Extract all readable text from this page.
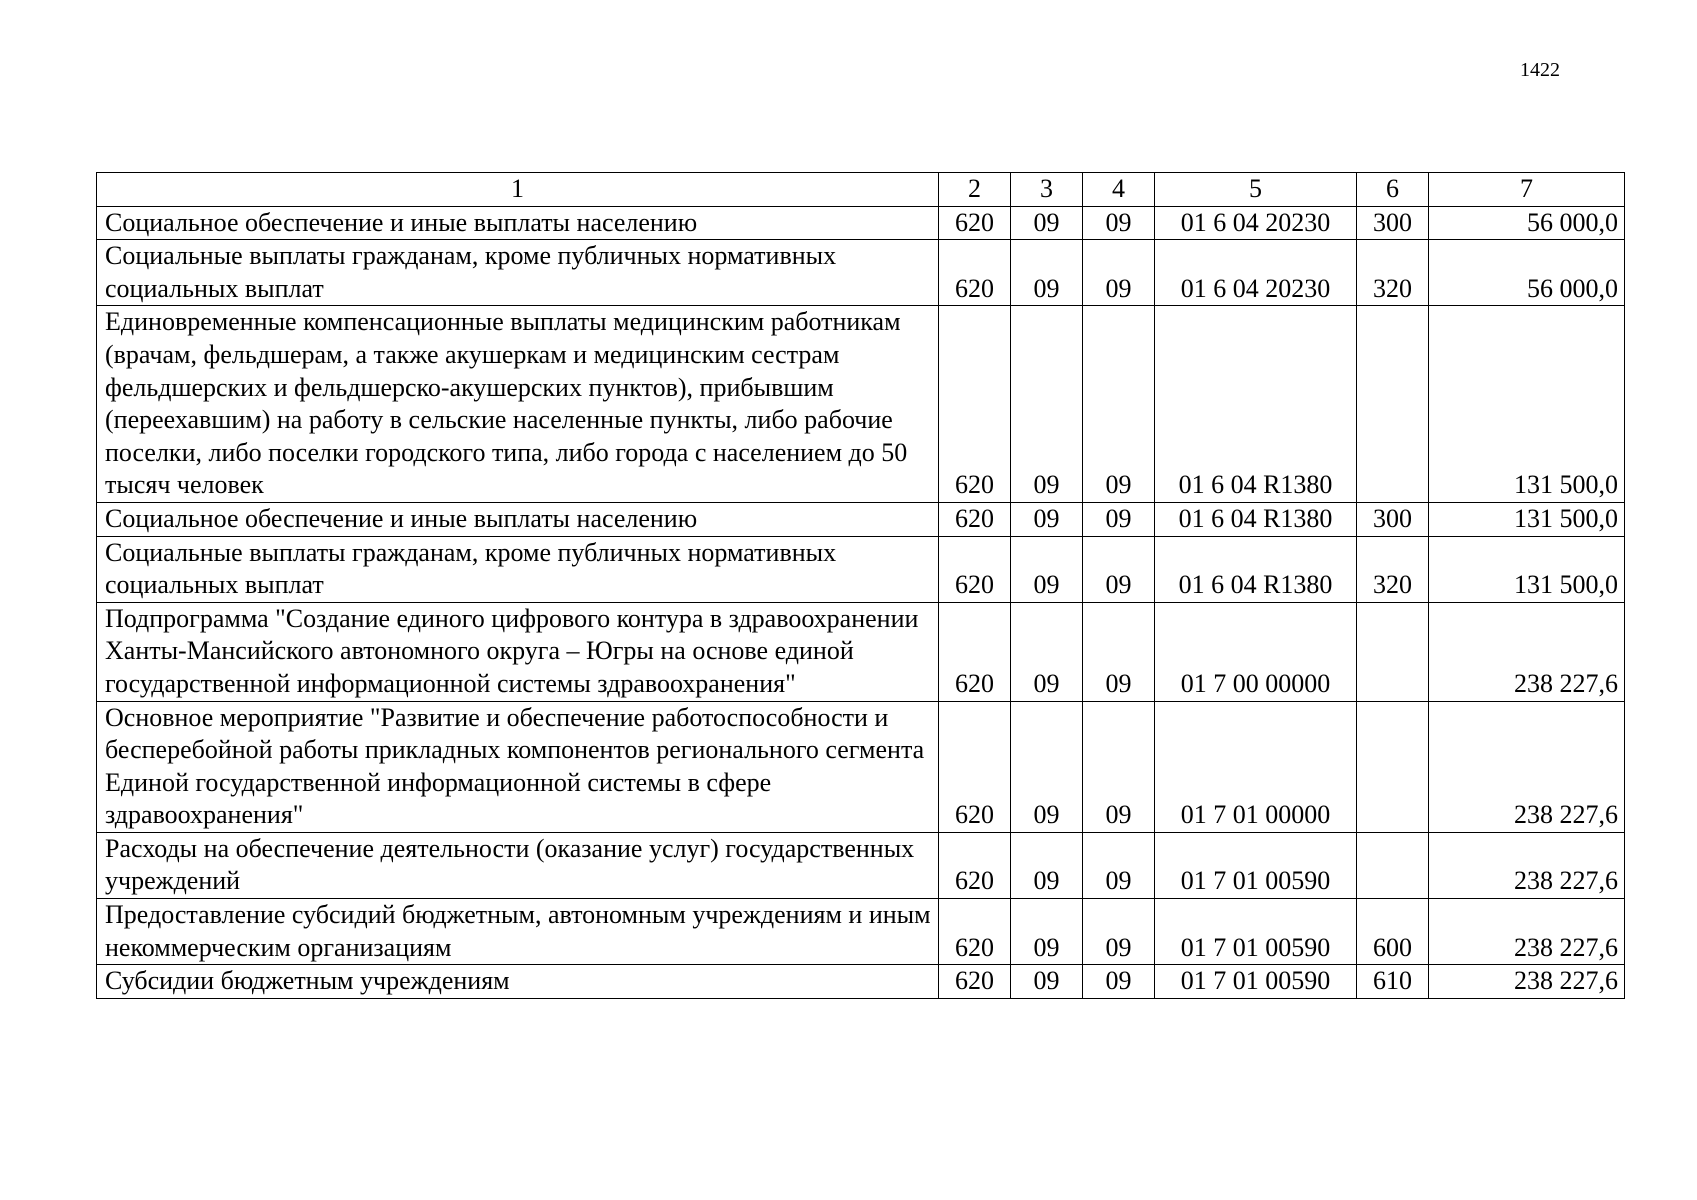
1422
1	2	3	4	5	6	7
Социальное обеспечение и иные выплаты населению	620	09	09	01 6 04 20230	300	56 000,0
Социальные выплаты гражданам, кроме публичных нормативных социальных выплат	620	09	09	01 6 04 20230	320	56 000,0
Единовременные компенсационные выплаты медицинским работникам (врачам, фельдшерам, а также акушеркам и медицинским сестрам фельдшерских и фельдшерско-акушерских пунктов), прибывшим (переехавшим) на работу в сельские населенные пункты, либо рабочие поселки, либо поселки городского типа, либо города с населением до 50 тысяч человек	620	09	09	01 6 04 R1380		131 500,0
Социальное обеспечение и иные выплаты населению	620	09	09	01 6 04 R1380	300	131 500,0
Социальные выплаты гражданам, кроме публичных нормативных социальных выплат	620	09	09	01 6 04 R1380	320	131 500,0
Подпрограмма "Создание единого цифрового контура в здравоохранении Ханты-Мансийского автономного округа – Югры на основе единой государственной информационной системы здравоохранения"	620	09	09	01 7 00 00000		238 227,6
Основное мероприятие "Развитие и обеспечение работоспособности и бесперебойной работы прикладных компонентов регионального сегмента Единой государственной информационной системы в сфере здравоохранения"	620	09	09	01 7 01 00000		238 227,6
Расходы на обеспечение деятельности (оказание услуг) государственных учреждений	620	09	09	01 7 01 00590		238 227,6
Предоставление субсидий бюджетным, автономным учреждениям и иным некоммерческим организациям	620	09	09	01 7 01 00590	600	238 227,6
Субсидии бюджетным учреждениям	620	09	09	01 7 01 00590	610	238 227,6
